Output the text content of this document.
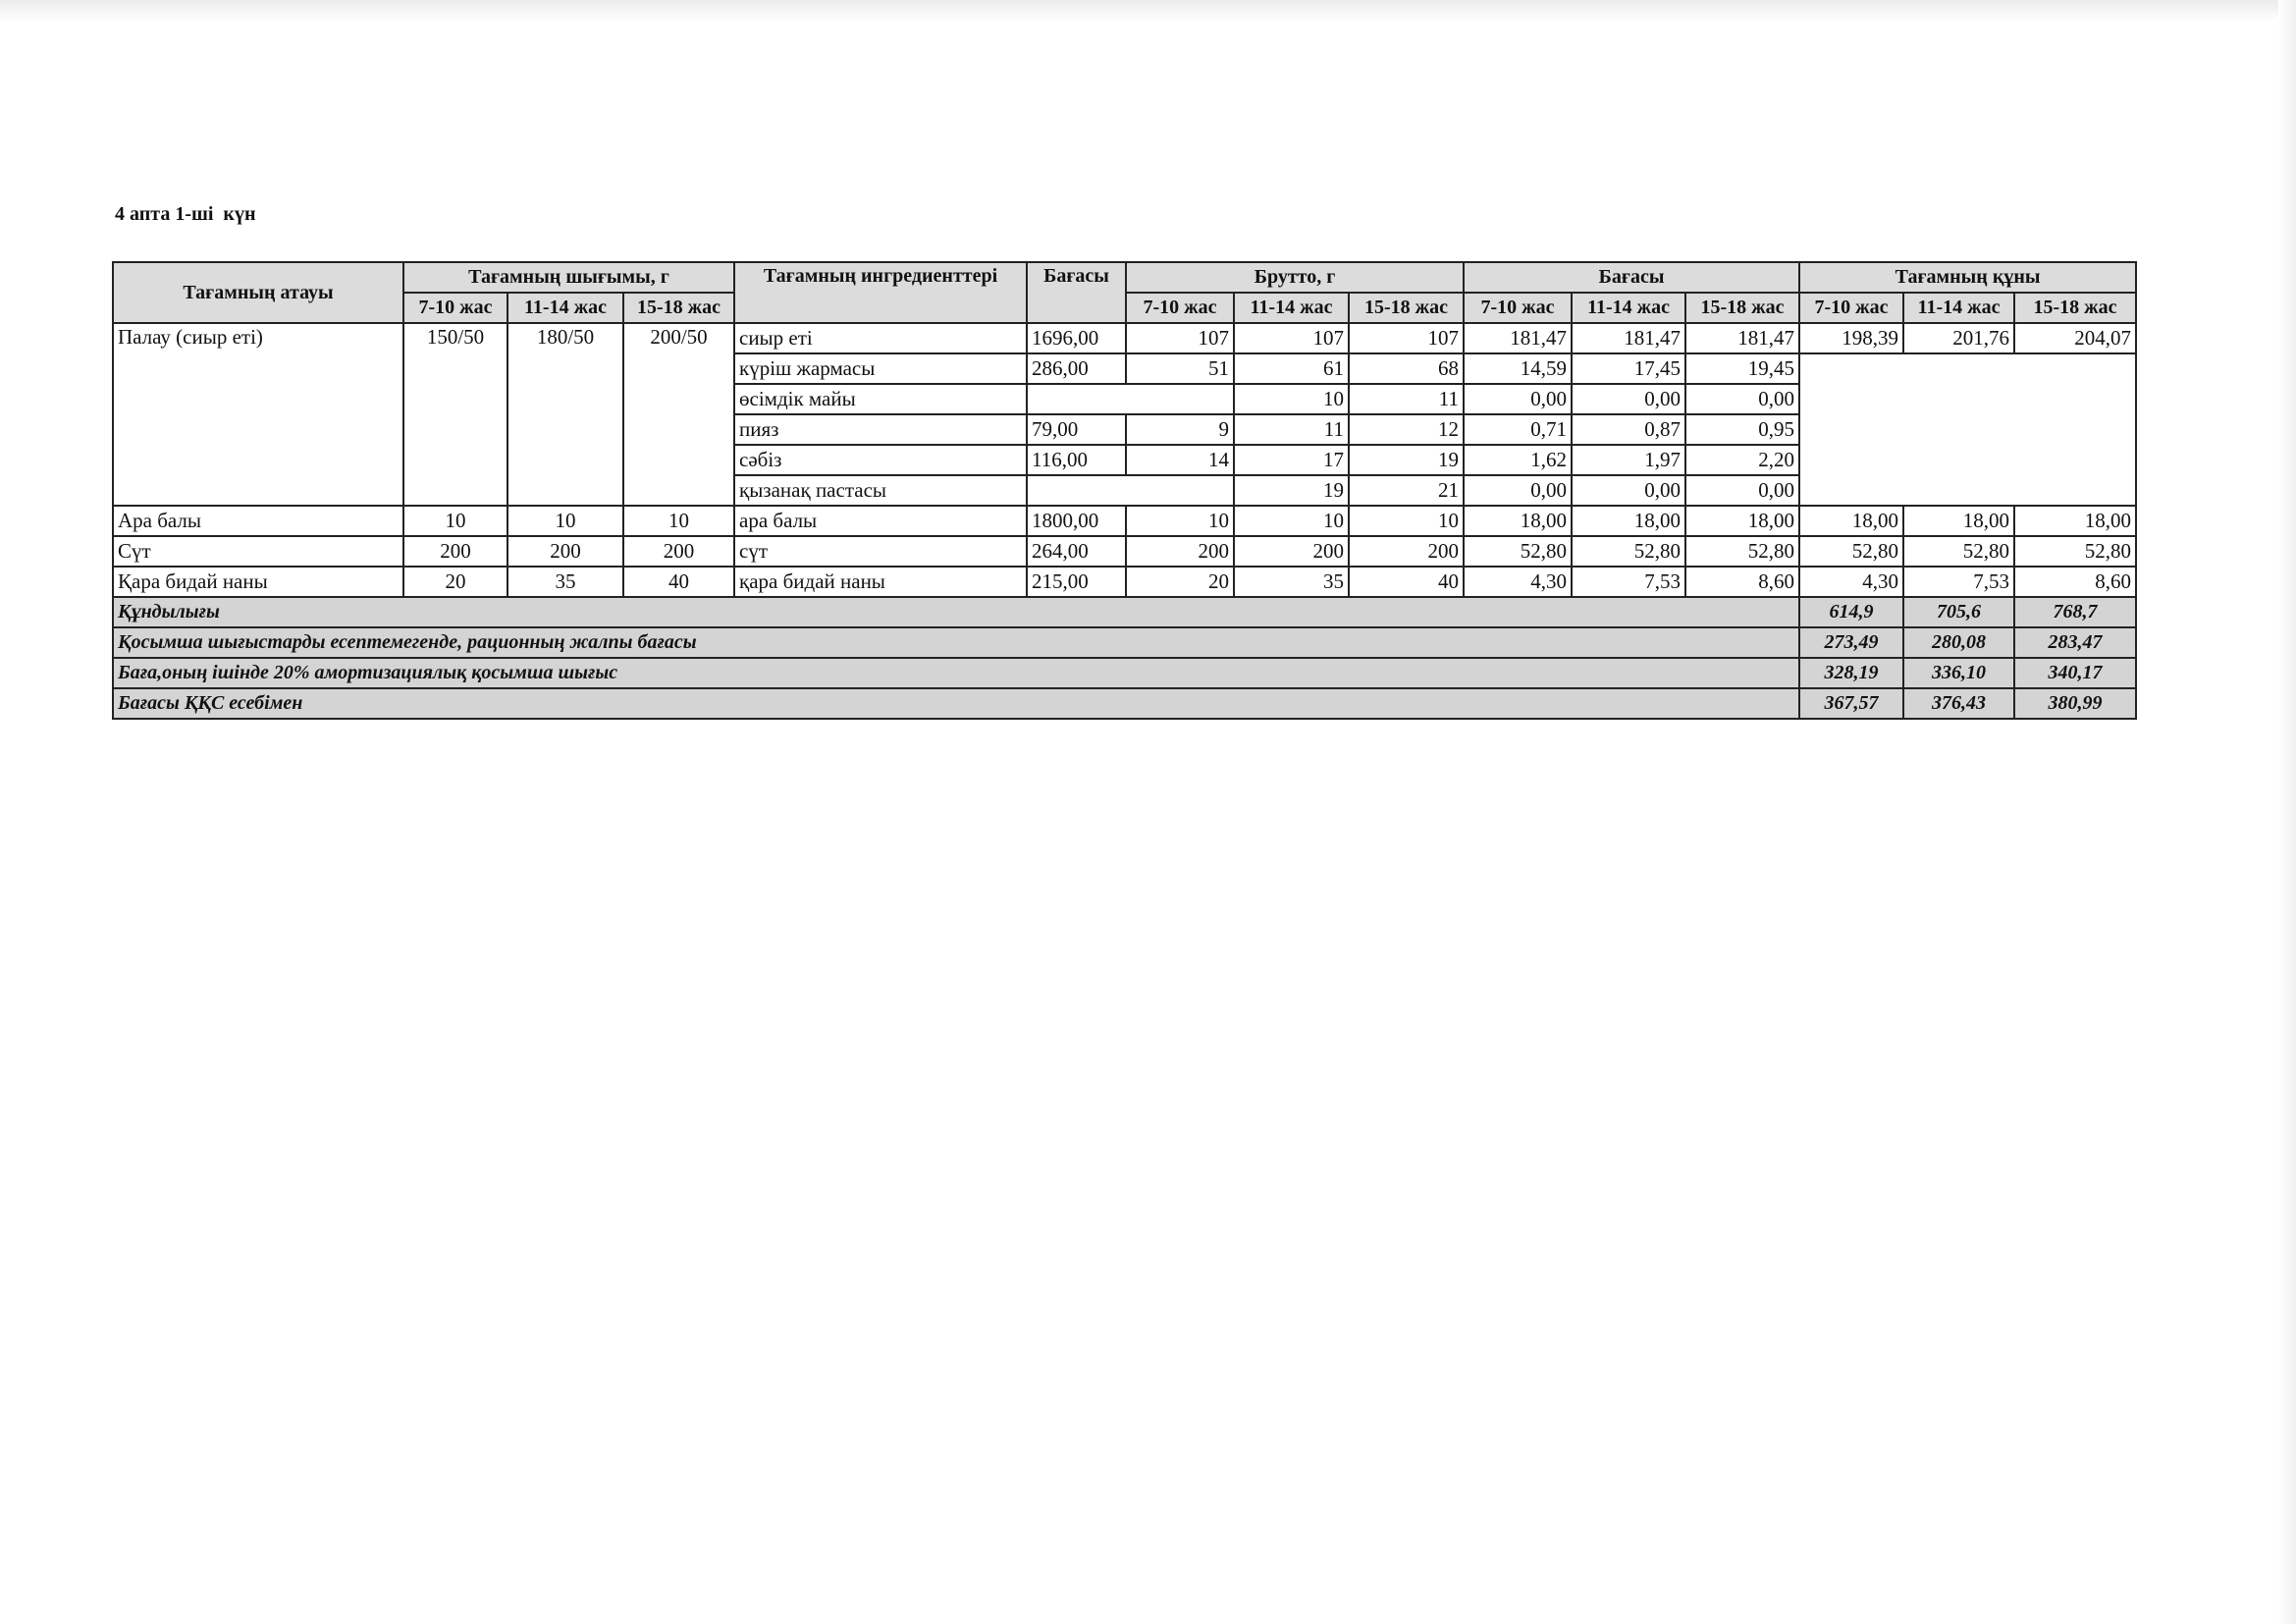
4 апта 1-ші  күн
Тағамның атауы	Тағамның шығымы, г			Тағамның ингредиенттері	Бағасы	Брутто, г			Бағасы			Тағамның құны		
	7-10 жас	11-14 жас	15-18 жас			7-10 жас	11-14 жас	15-18 жас	7-10 жас	11-14 жас	15-18 жас	7-10 жас	11-14 жас	15-18 жас
Палау (сиыр еті)	150/50	180/50	200/50	сиыр еті	1696,00	107	107	107	181,47	181,47	181,47	198,39	201,76	204,07
				күріш жармасы	286,00	51	61	68	14,59	17,45	19,45			
				өсімдік майы			10	11	0,00	0,00	0,00			
				пияз	79,00	9	11	12	0,71	0,87	0,95			
				сәбіз	116,00	14	17	19	1,62	1,97	2,20			
				қызанақ пастасы			19	21	0,00	0,00	0,00			
Ара балы	10	10	10	ара балы	1800,00	10	10	10	18,00	18,00	18,00	18,00	18,00	18,00
Сүт	200	200	200	сүт	264,00	200	200	200	52,80	52,80	52,80	52,80	52,80	52,80
Қара бидай наны	20	35	40	қара бидай наны	215,00	20	35	40	4,30	7,53	8,60	4,30	7,53	8,60
Құндылығы												614,9	705,6	768,7
Қосымша шығыстарды есептемегенде, рационның жалпы бағасы												273,49	280,08	283,47
Баға,оның ішінде 20% амортизациялық қосымша шығыс												328,19	336,10	340,17
Бағасы ҚҚС есебімен												367,57	376,43	380,99
